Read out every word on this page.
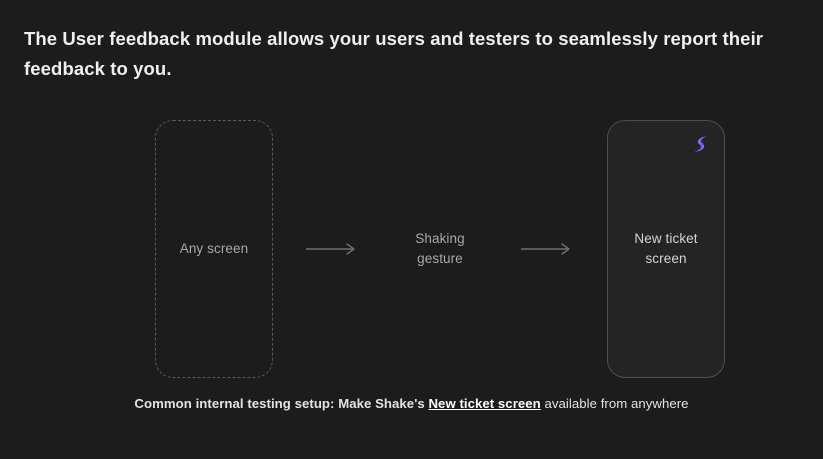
The User feedback module allows your users and testers to seamlessly report their feedback to you.
Any screen
Shaking
gesture
New ticket
screen
Common internal testing setup: Make Shake's New ticket screen available from anywhere
